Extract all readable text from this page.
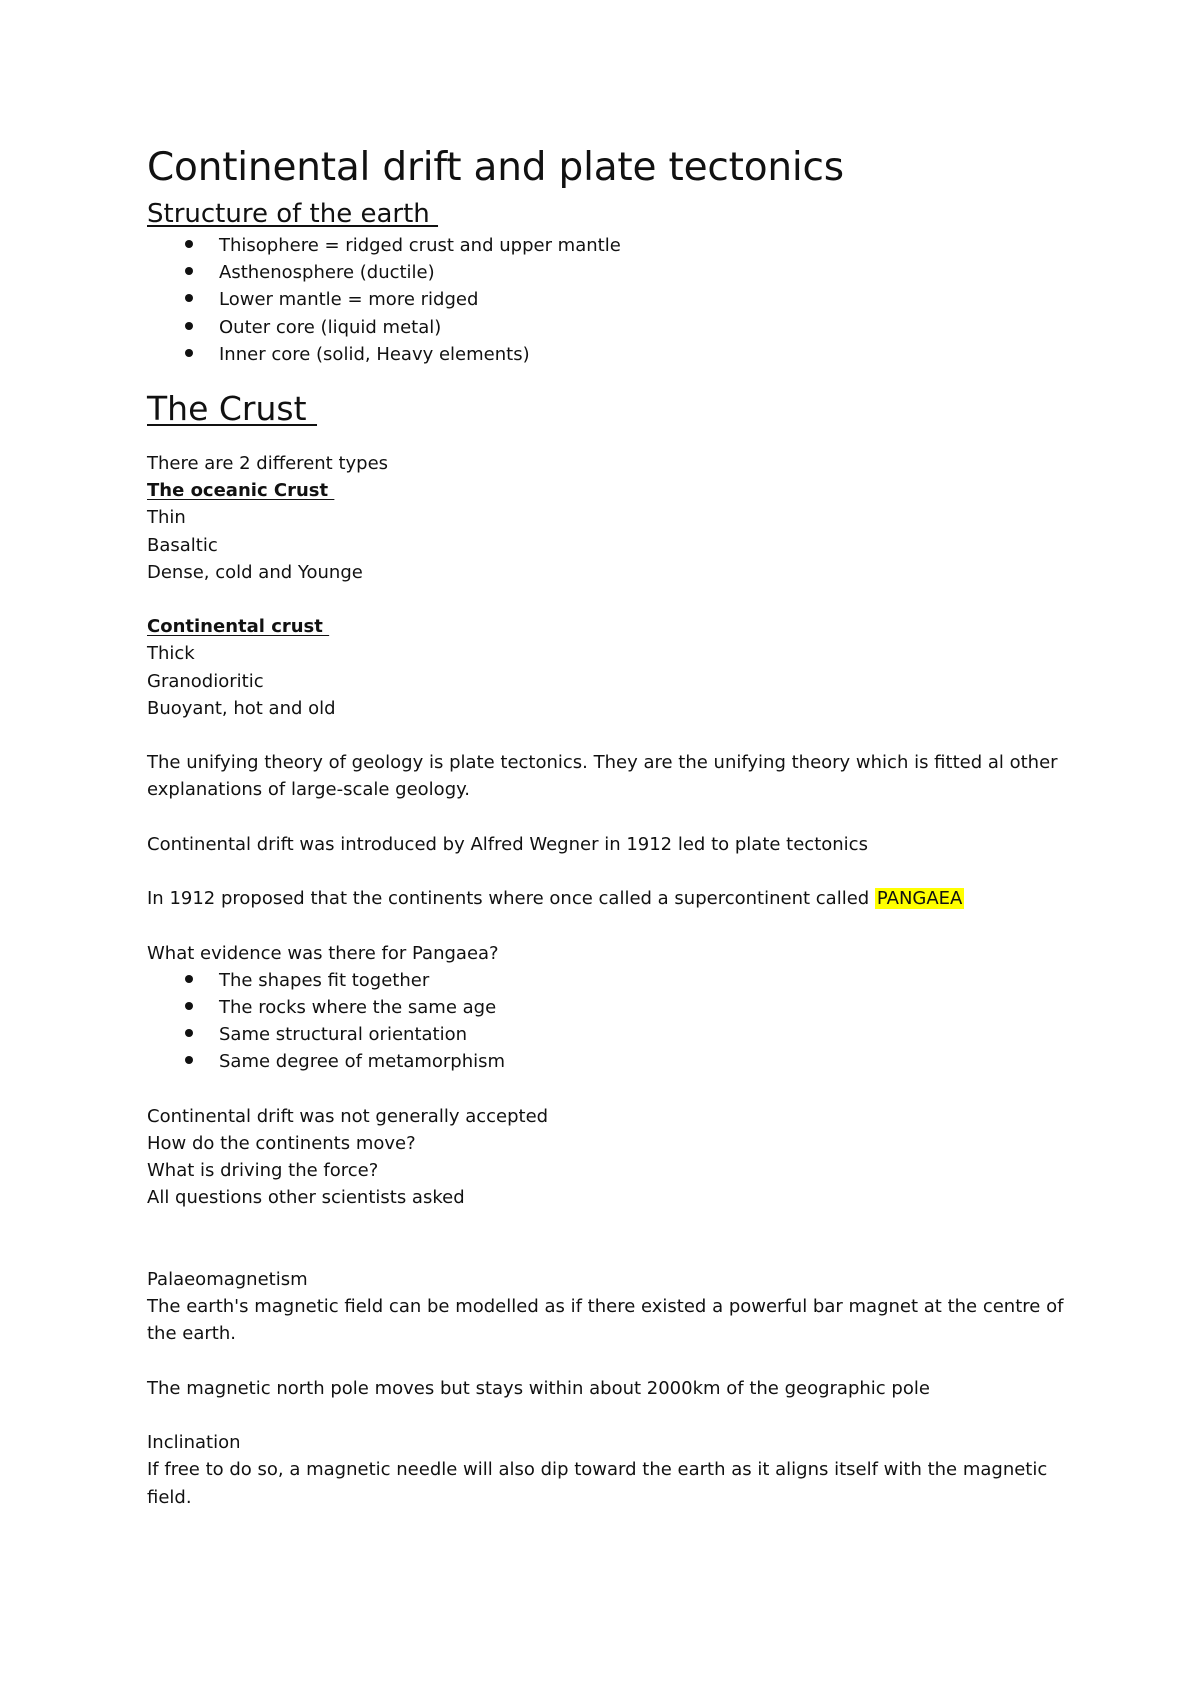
Continental drift and plate tectonics
Structure of the earth
Thisophere = ridged crust and upper mantle
Asthenosphere (ductile)
Lower mantle = more ridged
Outer core (liquid metal)
Inner core (solid, Heavy elements)
The Crust

There are 2 different types

The oceanic Crust

Thin

Basaltic

Dense, cold and Younge

Continental crust

Thick

Granodioritic

Buoyant, hot and old

The unifying theory of geology is plate tectonics. They are the unifying theory which is fitted al other explanations of large-scale geology.

Continental drift was introduced by Alfred Wegner in 1912 led to plate tectonics

In 1912 proposed that the continents where once called a supercontinent called PANGAEA

What evidence was there for Pangaea?

The shapes fit together
The rocks where the same age
Same structural orientation
Same degree of metamorphism

Continental drift was not generally accepted

How do the continents move?

What is driving the force?

All questions other scientists asked

Palaeomagnetism

The earth's magnetic field can be modelled as if there existed a powerful bar magnet at the centre of the earth.

The magnetic north pole moves but stays within about 2000km of the geographic pole

Inclination

If free to do so, a magnetic needle will also dip toward the earth as it aligns itself with the magnetic field.
